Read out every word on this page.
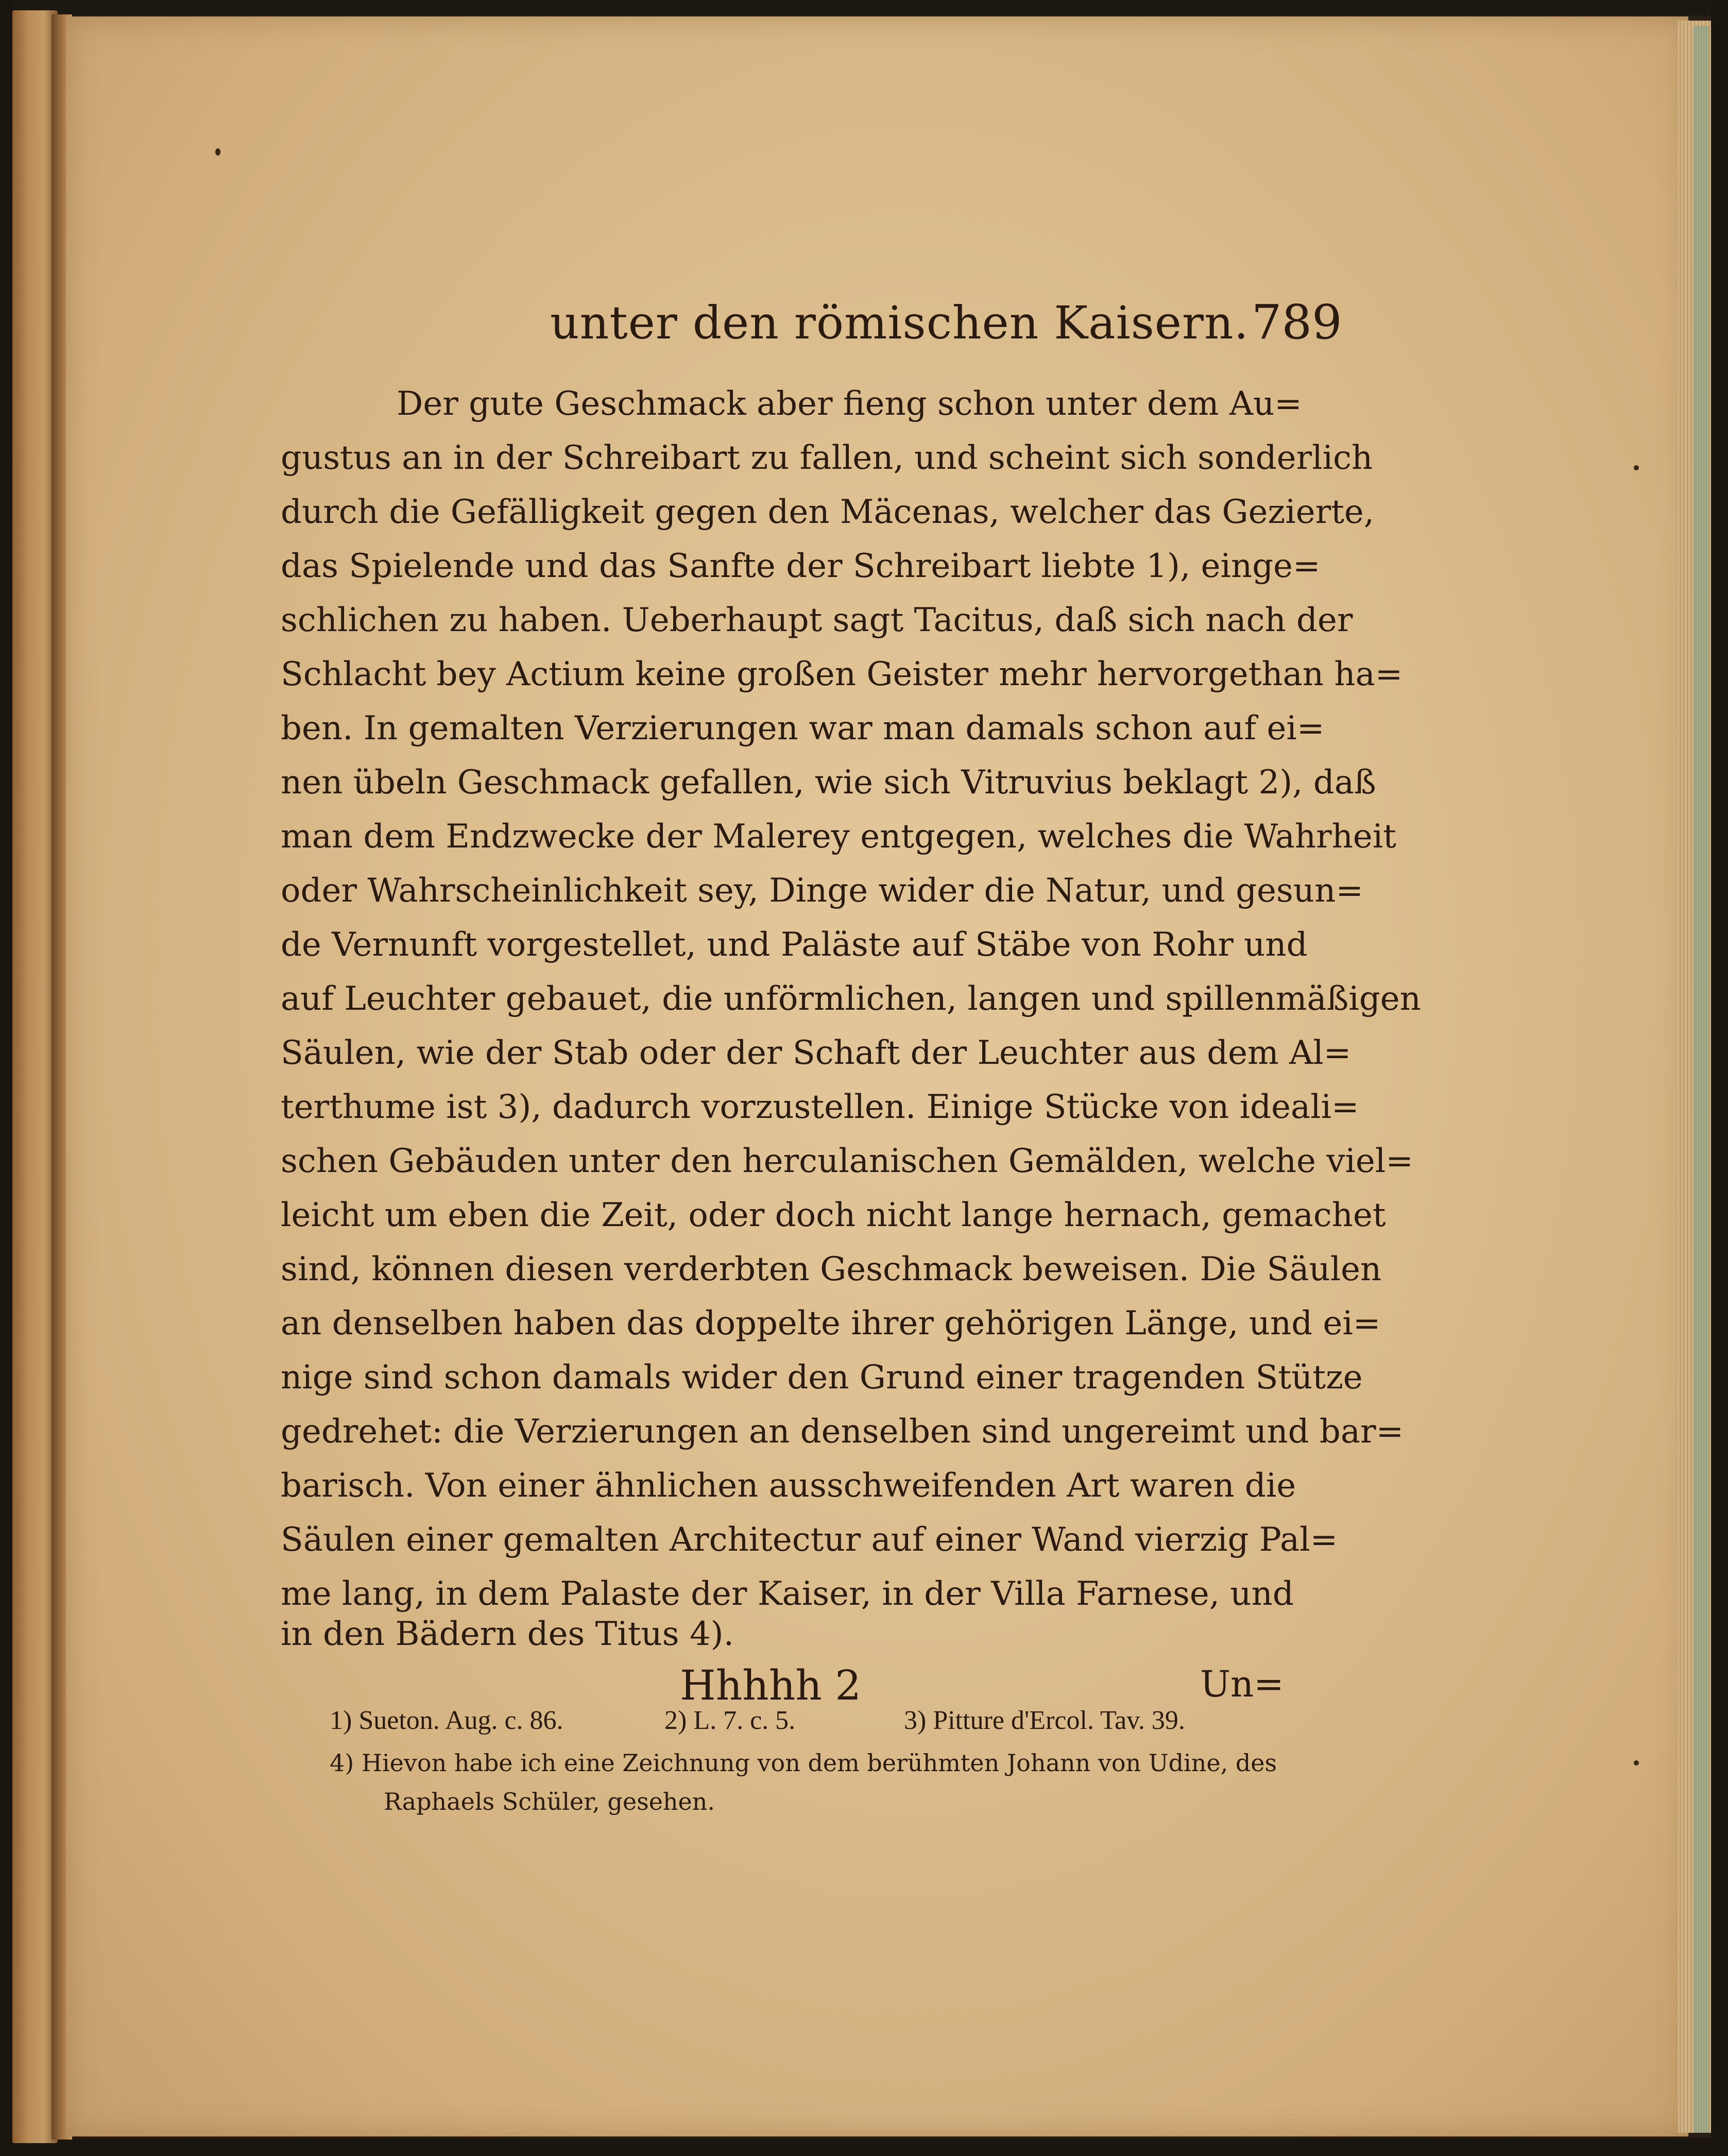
unter den römischen Kaisern. 789
Der gute Geschmack aber fieng schon unter dem Au=
gustus an in der Schreibart zu fallen, und scheint sich sonderlich
durch die Gefälligkeit gegen den Mäcenas, welcher das Gezierte,
das Spielende und das Sanfte der Schreibart liebte 1), einge=
schlichen zu haben. Ueberhaupt sagt Tacitus, daß sich nach der
Schlacht bey Actium keine großen Geister mehr hervorgethan ha=
ben. In gemalten Verzierungen war man damals schon auf ei=
nen übeln Geschmack gefallen, wie sich Vitruvius beklagt 2), daß
man dem Endzwecke der Malerey entgegen, welches die Wahrheit
oder Wahrscheinlichkeit sey, Dinge wider die Natur, und gesun=
de Vernunft vorgestellet, und Paläste auf Stäbe von Rohr und
auf Leuchter gebauet, die unförmlichen, langen und spillenmäßigen
Säulen, wie der Stab oder der Schaft der Leuchter aus dem Al=
terthume ist 3), dadurch vorzustellen. Einige Stücke von ideali=
schen Gebäuden unter den herculanischen Gemälden, welche viel=
leicht um eben die Zeit, oder doch nicht lange hernach, gemachet
sind, können diesen verderbten Geschmack beweisen. Die Säulen
an denselben haben das doppelte ihrer gehörigen Länge, und ei=
nige sind schon damals wider den Grund einer tragenden Stütze
gedrehet: die Verzierungen an denselben sind ungereimt und bar=
barisch. Von einer ähnlichen ausschweifenden Art waren die
Säulen einer gemalten Architectur auf einer Wand vierzig Pal=
me lang, in dem Palaste der Kaiser, in der Villa Farnese, und
in den Bädern des Titus 4).
Hhhhh 2	Un=
1) Sueton. Aug. c. 86.	2) L. 7. c. 5.	3) Pitture d'Ercol. Tav. 39.
4) Hievon habe ich eine Zeichnung von dem berühmten Johann von Udine, des
Raphaels Schüler, gesehen.
